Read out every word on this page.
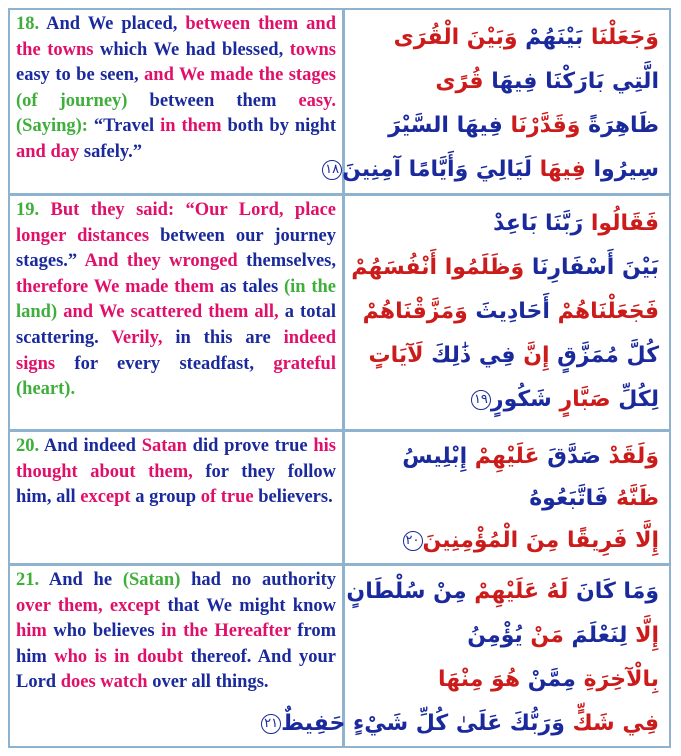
18. And We placed, between them and the towns which We had blessed, towns easy to be seen, and We made the stages (of journey) between them easy. (Saying): “Travel in them both by night and day safely.”
وَجَعَلْنَا بَيْنَهُمْ وَبَيْنَ الْقُرَى
الَّتِي بَارَكْنَا فِيهَا قُرًى
ظَاهِرَةً وَقَدَّرْنَا فِيهَا السَّيْرَ
سِيرُوا فِيهَا لَيَالِيَ وَأَيَّامًا آمِنِينَ١٨
19. But they said: “Our Lord, place longer distances between our journey stages.” And they wronged themselves, therefore We made them as tales (in the land) and We scattered them all, a total scattering. Verily, in this are indeed signs for every steadfast, grateful (heart).
فَقَالُوا رَبَّنَا بَاعِدْ
بَيْنَ أَسْفَارِنَا وَظَلَمُوا أَنْفُسَهُمْ
فَجَعَلْنَاهُمْ أَحَادِيثَ وَمَزَّقْنَاهُمْ
كُلَّ مُمَزَّقٍ إِنَّ فِي ذَٰلِكَ لَآيَاتٍ
لِكُلِّ صَبَّارٍ شَكُورٍ١٩
20. And indeed Satan did prove true his thought about them, for they follow him, all except a group of true believers.
وَلَقَدْ صَدَّقَ عَلَيْهِمْ إِبْلِيسُ
ظَنَّهُ فَاتَّبَعُوهُ
إِلَّا فَرِيقًا مِنَ الْمُؤْمِنِينَ٢٠
21. And he (Satan) had no authority over them, except that We might know him who believes in the Hereafter from him who is in doubt thereof. And your Lord does watch over all things.
وَمَا كَانَ لَهُ عَلَيْهِمْ مِنْ سُلْطَانٍ
إِلَّا لِنَعْلَمَ مَنْ يُؤْمِنُ
بِالْآخِرَةِ مِمَّنْ هُوَ مِنْهَا
فِي شَكٍّ وَرَبُّكَ عَلَىٰ كُلِّ شَيْءٍ حَفِيظٌ٢١
